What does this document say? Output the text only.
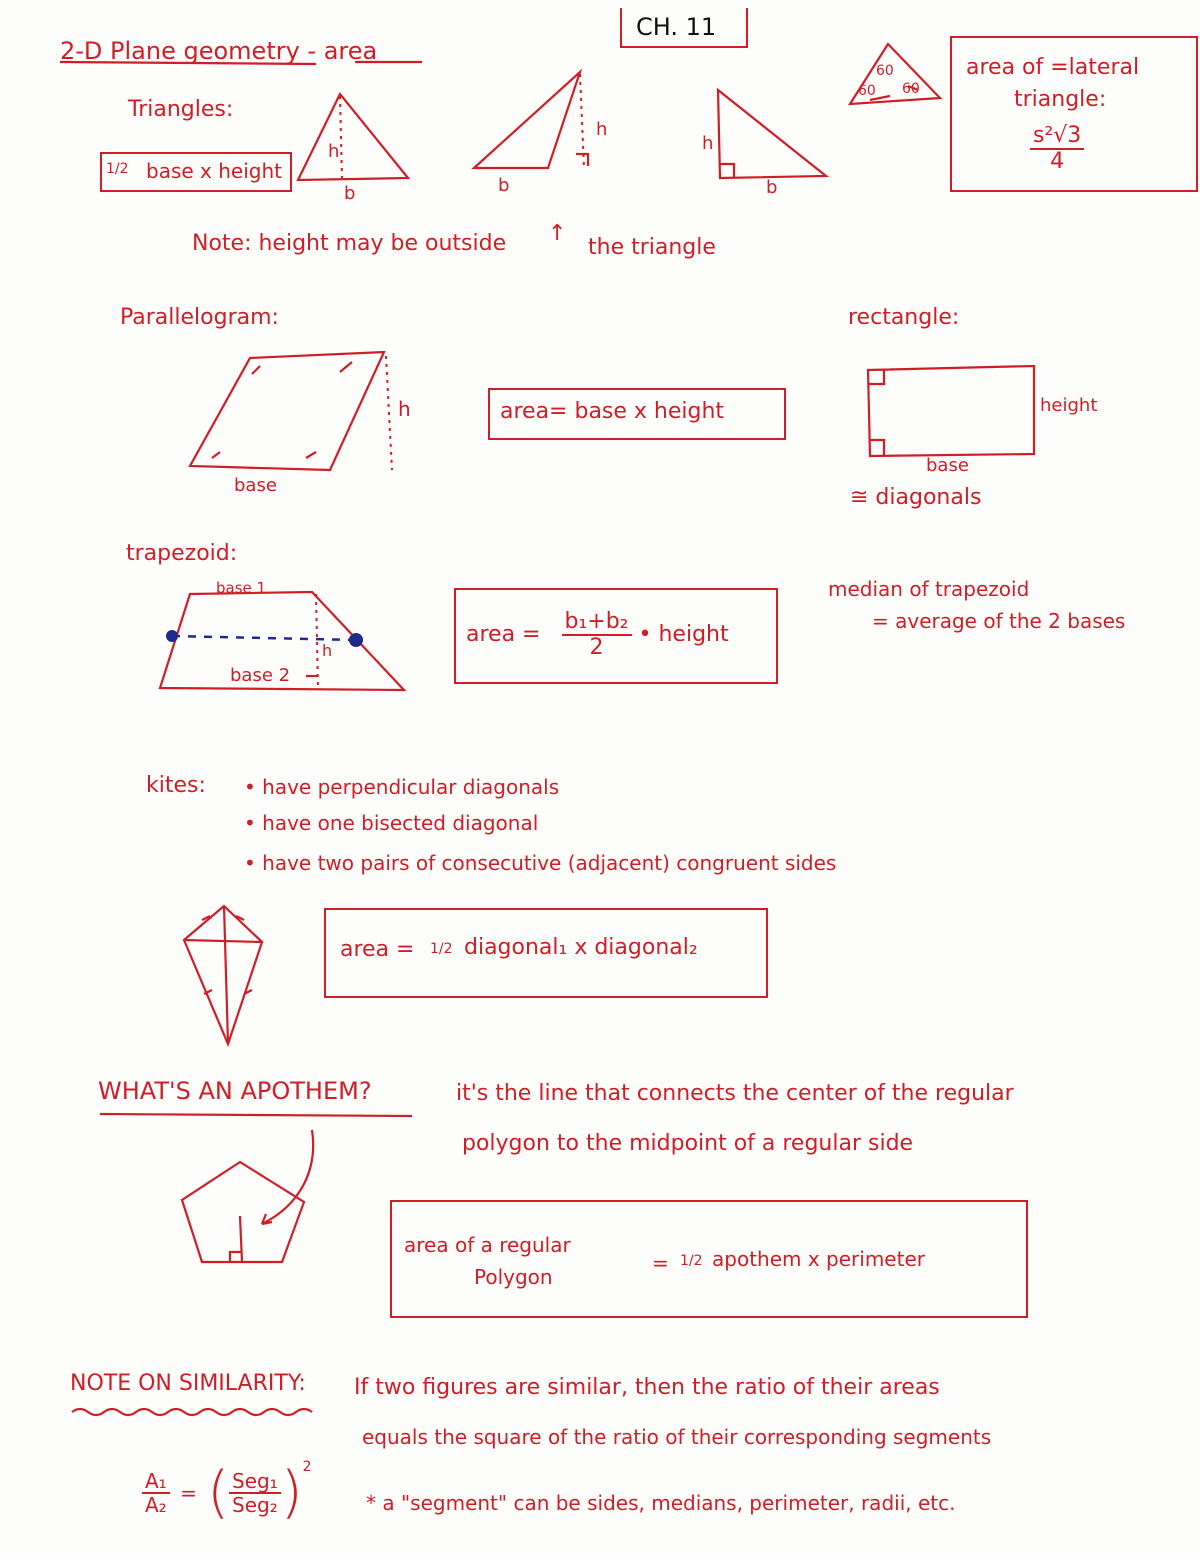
CH. 11
2-D Plane geometry - area
Triangles:
1/2 base x height
h
b
h
b
h
b
60
60 60
Note: height may be outside ↑
the triangle
area of =lateral
triangle:
$\frac{\text{s²√3}}{4}$
Parallelogram:
h
base
area= base x height
rectangle:
height
base
≅ diagonals
trapezoid:
base 1
h
base 2
area = $\frac{\text{b₁+b₂}}{2}$ • height
median of trapezoid
= average of the 2 bases
kites: • have perpendicular diagonals
• have one bisected diagonal
• have two pairs of consecutive (adjacent) congruent sides
area = 1/2 diagonal₁ x diagonal₂
WHAT'S AN APOTHEM?	it's the line that connects the center of the regular
polygon to the midpoint of a regular side
area of a regular
Polygon
= 1/2 apothem x perimeter
NOTE ON SIMILARITY: If two figures are similar, then the ratio of their areas
equals the square of the ratio of their corresponding segments
$\frac{\text{A₁}}{\text{A₂}}$ = ( $\frac{\text{Seg₁}}{\text{Seg₂}} )^2$
* a "segment" can be sides, medians, perimeter, radii, etc.
